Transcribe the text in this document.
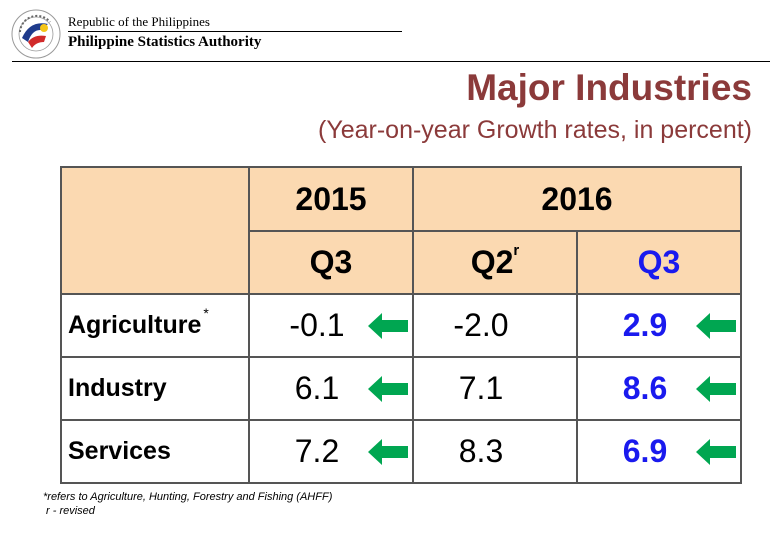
Republic of the Philippines
Philippine Statistics Authority
Major Industries
(Year-on-year Growth rates, in percent)
	2015	2016	
	Q3	Q2$^r$	Q3
Agriculture *	-0.1	-2.0	2.9

Industry	6.1	7.1	8.6

Services	7.2	8.3	6.9
*refers to Agriculture, Hunting, Forestry and Fishing (AHFF)
r - revised
